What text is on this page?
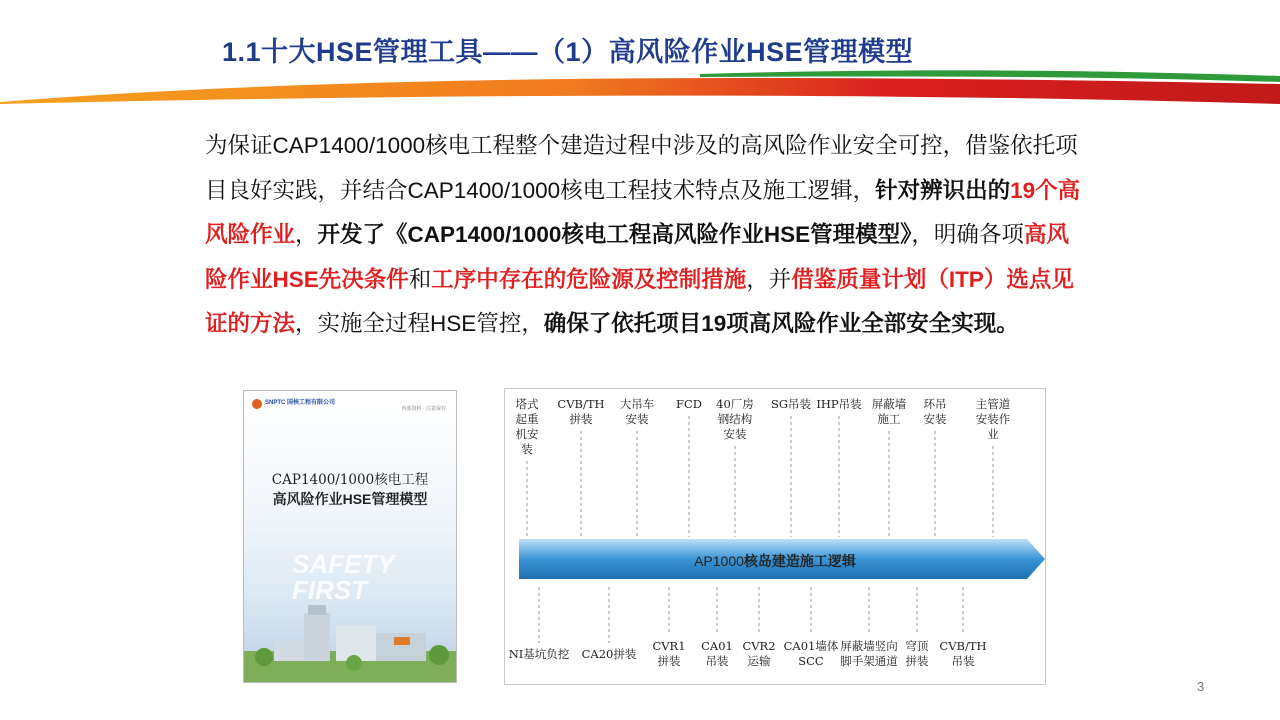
1.1十大HSE管理工具——（1）高风险作业HSE管理模型
为保证CAP1400/1000核电工程整个建造过程中涉及的高风险作业安全可控，借鉴依托项目良好实践，并结合CAP1400/1000核电工程技术特点及施工逻辑，针对辨识出的19个高风险作业，开发了《CAP1400/1000核电工程高风险作业HSE管理模型》，明确各项高风险作业HSE先决条件和工序中存在的危险源及控制措施，并借鉴质量计划（ITP）选点见证的方法，实施全过程HSE管控，确保了依托项目19项高风险作业全部安全实现。
SNPTC 国核工程有限公司
内部资料 · 注意保存
CAP1400/1000核电工程
高风险作业HSE管理模型
SAFETY
FIRST
AP1000核岛建造施工逻辑
塔式
起重
机安
装
CVB/TH
拼装
大吊车
安装
FCD	40厂房
钢结构
安装
SG吊装 IHP吊装 屏蔽墙
施工
环吊
安装
主管道
安装作
业
NI基坑负挖	CA20拼装
CVR1
拼装
CA01
吊装
CVR2
运输
CA01墙体
SCC
屏蔽墙竖向
脚手架通道
穹顶
拼装
CVB/TH
吊装
3
